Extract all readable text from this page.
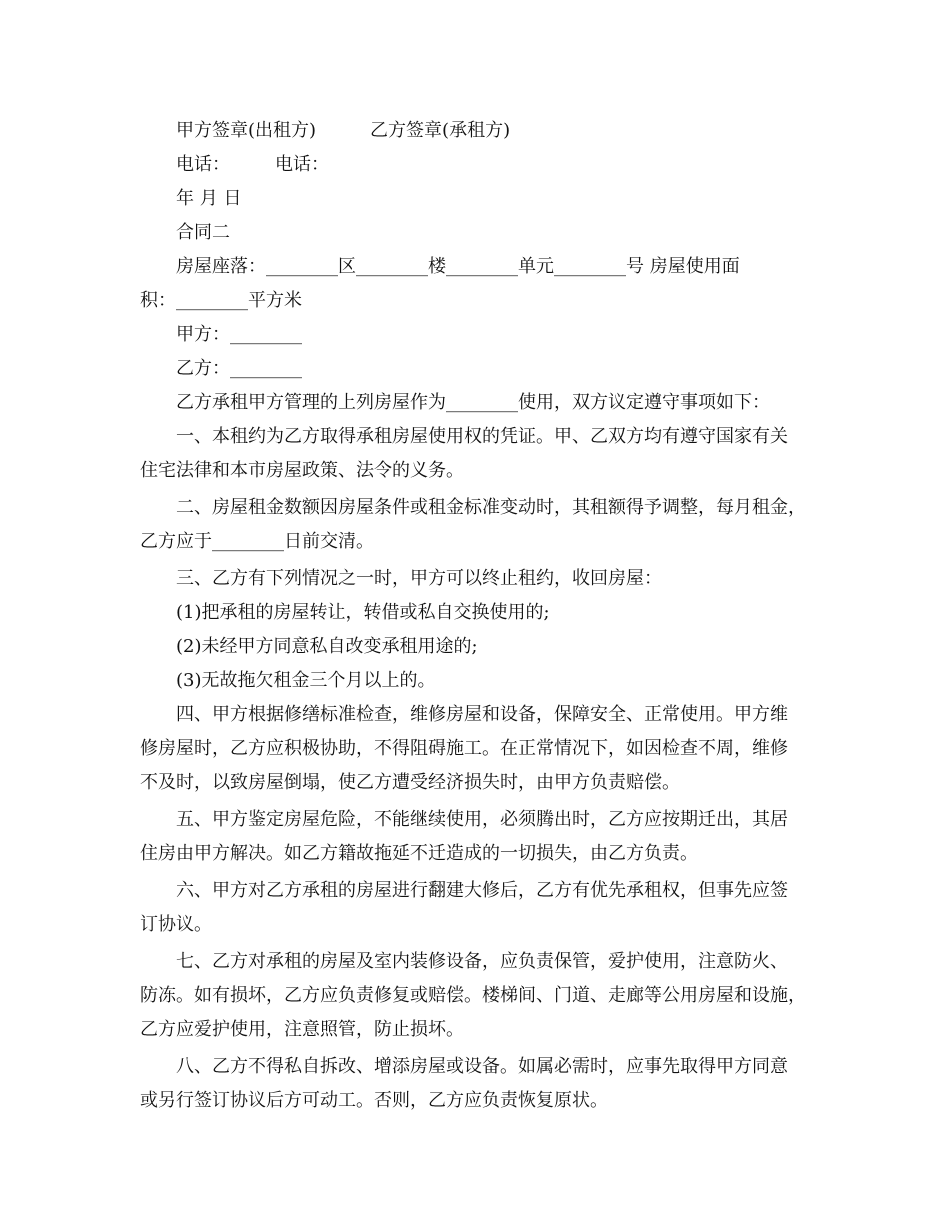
甲方签章(出租方)　　　乙方签章(承租方)
电话：　　　电话：
年 月 日
合同二
房屋座落：________区________楼________单元________号 房屋使用面
积：________平方米
甲方：________
乙方：________
乙方承租甲方管理的上列房屋作为________使用，双方议定遵守事项如下：
一、本租约为乙方取得承租房屋使用权的凭证。甲、乙双方均有遵守国家有关
住宅法律和本市房屋政策、法令的义务。
二、房屋租金数额因房屋条件或租金标准变动时，其租额得予调整，每月租金，
乙方应于________日前交清。
三、乙方有下列情况之一时，甲方可以终止租约，收回房屋：
(1)把承租的房屋转让，转借或私自交换使用的;
(2)未经甲方同意私自改变承租用途的;
(3)无故拖欠租金三个月以上的。
四、甲方根据修缮标准检查，维修房屋和设备，保障安全、正常使用。甲方维
修房屋时，乙方应积极协助，不得阻碍施工。在正常情况下，如因检查不周，维修
不及时，以致房屋倒塌，使乙方遭受经济损失时，由甲方负责赔偿。
五、甲方鉴定房屋危险，不能继续使用，必须腾出时，乙方应按期迁出，其居
住房由甲方解决。如乙方籍故拖延不迁造成的一切损失，由乙方负责。
六、甲方对乙方承租的房屋进行翻建大修后，乙方有优先承租权，但事先应签
订协议。
七、乙方对承租的房屋及室内装修设备，应负责保管，爱护使用，注意防火、
防冻。如有损坏，乙方应负责修复或赔偿。楼梯间、门道、走廊等公用房屋和设施，
乙方应爱护使用，注意照管，防止损坏。
八、乙方不得私自拆改、增添房屋或设备。如属必需时，应事先取得甲方同意
或另行签订协议后方可动工。否则，乙方应负责恢复原状。
